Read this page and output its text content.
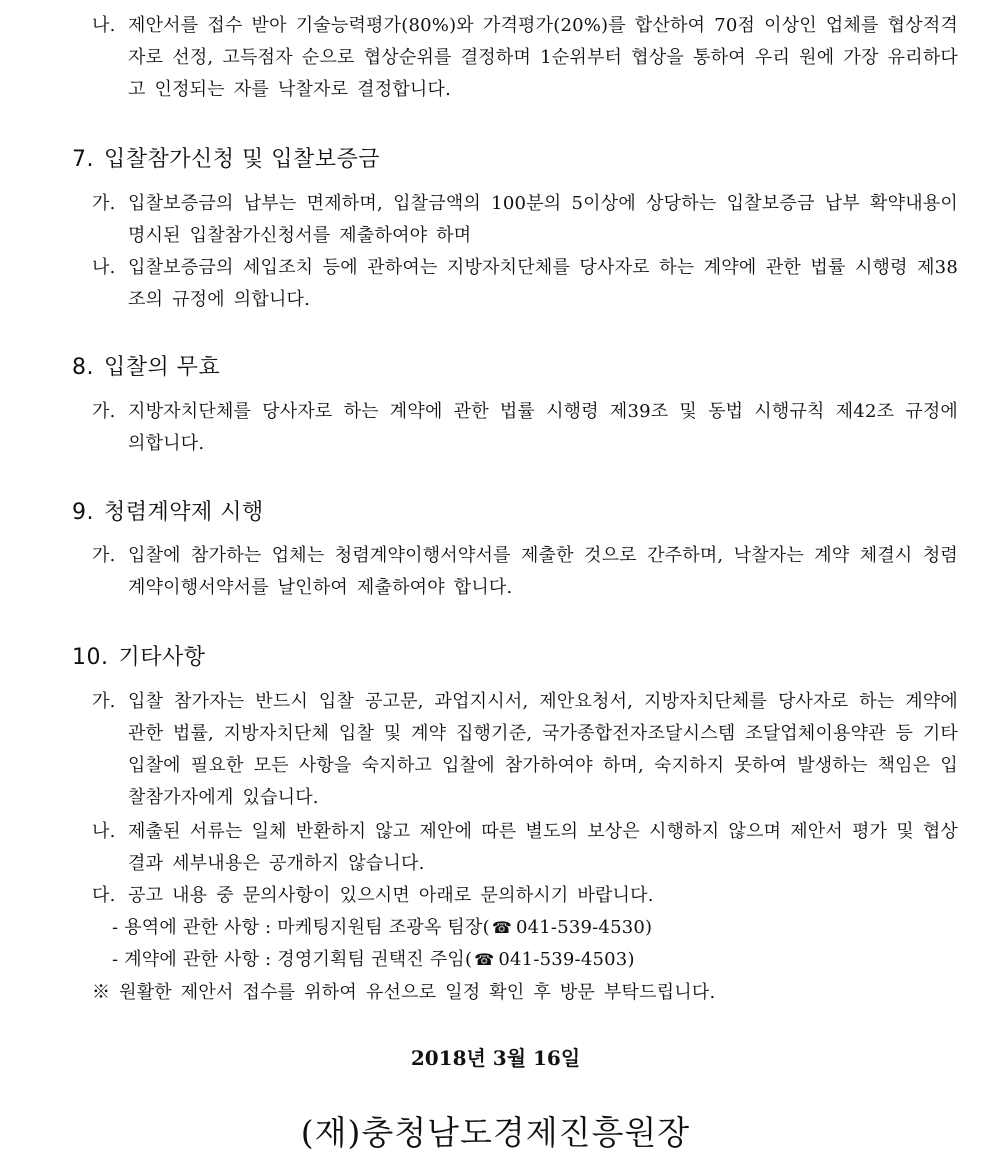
나. 제안서를 접수 받아 기술능력평가(80%)와 가격평가(20%)를 합산하여 70점 이상인 업체를 협상적격자로 선정, 고득점자 순으로 협상순위를 결정하며 1순위부터 협상을 통하여 우리 원에 가장 유리하다고 인정되는 자를 낙찰자로 결정합니다.
7. 입찰참가신청 및 입찰보증금
가. 입찰보증금의 납부는 면제하며, 입찰금액의 100분의 5이상에 상당하는 입찰보증금 납부 확약내용이 명시된 입찰참가신청서를 제출하여야 하며
나. 입찰보증금의 세입조치 등에 관하여는 지방자치단체를 당사자로 하는 계약에 관한 법률 시행령 제38조의 규정에 의합니다.
8. 입찰의 무효
가. 지방자치단체를 당사자로 하는 계약에 관한 법률 시행령 제39조 및 동법 시행규칙 제42조 규정에 의합니다.
9. 청렴계약제 시행
가. 입찰에 참가하는 업체는 청렴계약이행서약서를 제출한 것으로 간주하며, 낙찰자는 계약 체결시 청렴계약이행서약서를 날인하여 제출하여야 합니다.
10. 기타사항
가. 입찰 참가자는 반드시 입찰 공고문, 과업지시서, 제안요청서, 지방자치단체를 당사자로 하는 계약에 관한 법률, 지방자치단체 입찰 및 계약 집행기준, 국가종합전자조달시스템 조달업체이용약관 등 기타 입찰에 필요한 모든 사항을 숙지하고 입찰에 참가하여야 하며, 숙지하지 못하여 발생하는 책임은 입찰참가자에게 있습니다.
나. 제출된 서류는 일체 반환하지 않고 제안에 따른 별도의 보상은 시행하지 않으며 제안서 평가 및 협상결과 세부내용은 공개하지 않습니다.
다. 공고 내용 중 문의사항이 있으시면 아래로 문의하시기 바랍니다.
- 용역에 관한 사항 : 마케팅지원팀 조광옥 팀장( ☎ 041-539-4530)
- 계약에 관한 사항 : 경영기획팀 권택진 주임( ☎ 041-539-4503)
※ 원활한 제안서 접수를 위하여 유선으로 일정 확인 후 방문 부탁드립니다.
2018년 3월 16일
(재)충청남도경제진흥원장
